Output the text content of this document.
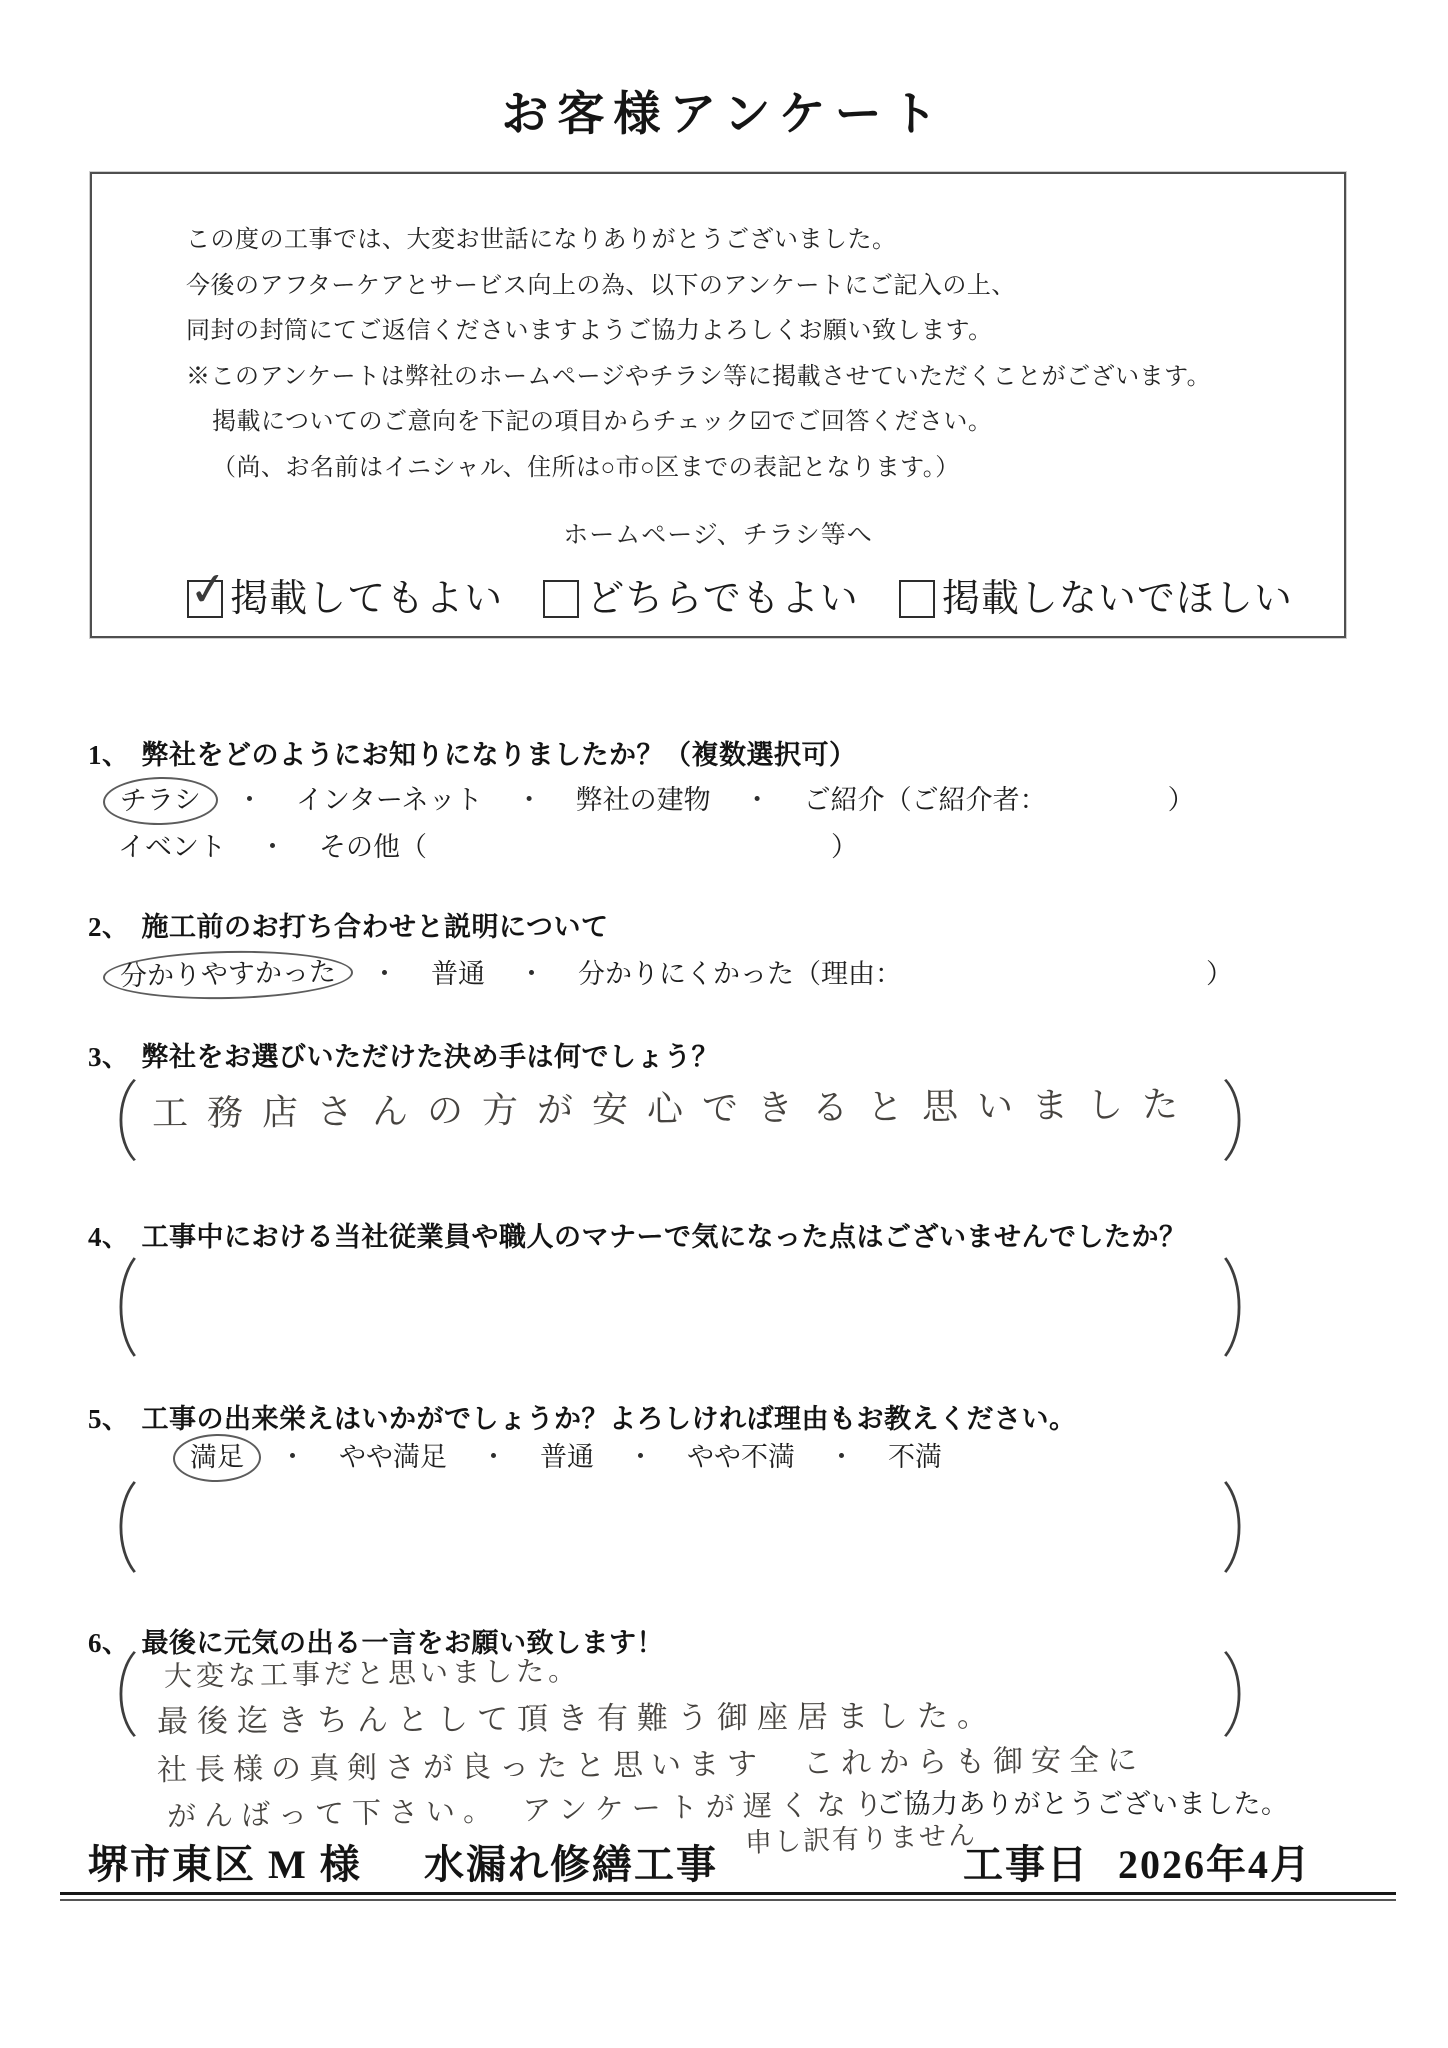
お客様アンケート
この度の工事では、大変お世話になりありがとうございました。
今後のアフターケアとサービス向上の為、以下のアンケートにご記入の上、
同封の封筒にてご返信くださいますようご協力よろしくお願い致します。
※このアンケートは弊社のホームページやチラシ等に掲載させていただくことがございます。
掲載についてのご意向を下記の項目からチェック☑でご回答ください。
（尚、お名前はイニシャル、住所は○市○区までの表記となります。）
ホームページ、チラシ等へ
✓ 掲載してもよい どちらでもよい 掲載しないでほしい
1、 弊社をどのようにお知りになりましたか？（複数選択可）
チラシ	・ インターネット ・ 弊社の建物 ・ ご紹介（ご紹介者：	）
イベント ・ その他（	）
2、 施工前のお打ち合わせと説明について
分かりやすかった	・ 普通 ・ 分かりにくかった（理由：	）
3、 弊社をお選びいただけた決め手は何でしょう？
工務店さんの方が安心できると思いました
4、 工事中における当社従業員や職人のマナーで気になった点はございませんでしたか？
5、 工事の出来栄えはいかがでしょうか？よろしければ理由もお教えください。
満足	・ やや満足 ・ 普通 ・ やや不満 ・ 不満
6、 最後に元気の出る一言をお願い致します！
大変な工事だと思いました。
最後迄きちんとして頂き有難う御座居ました。
社長様の真剣さが良ったと思います　これからも御安全に
がんばって下さい。　アンケートが遅くなり
申し訳有りません
ご協力ありがとうございました。
堺市東区 M 様 水漏れ修繕工事	工事日 2026年4月
